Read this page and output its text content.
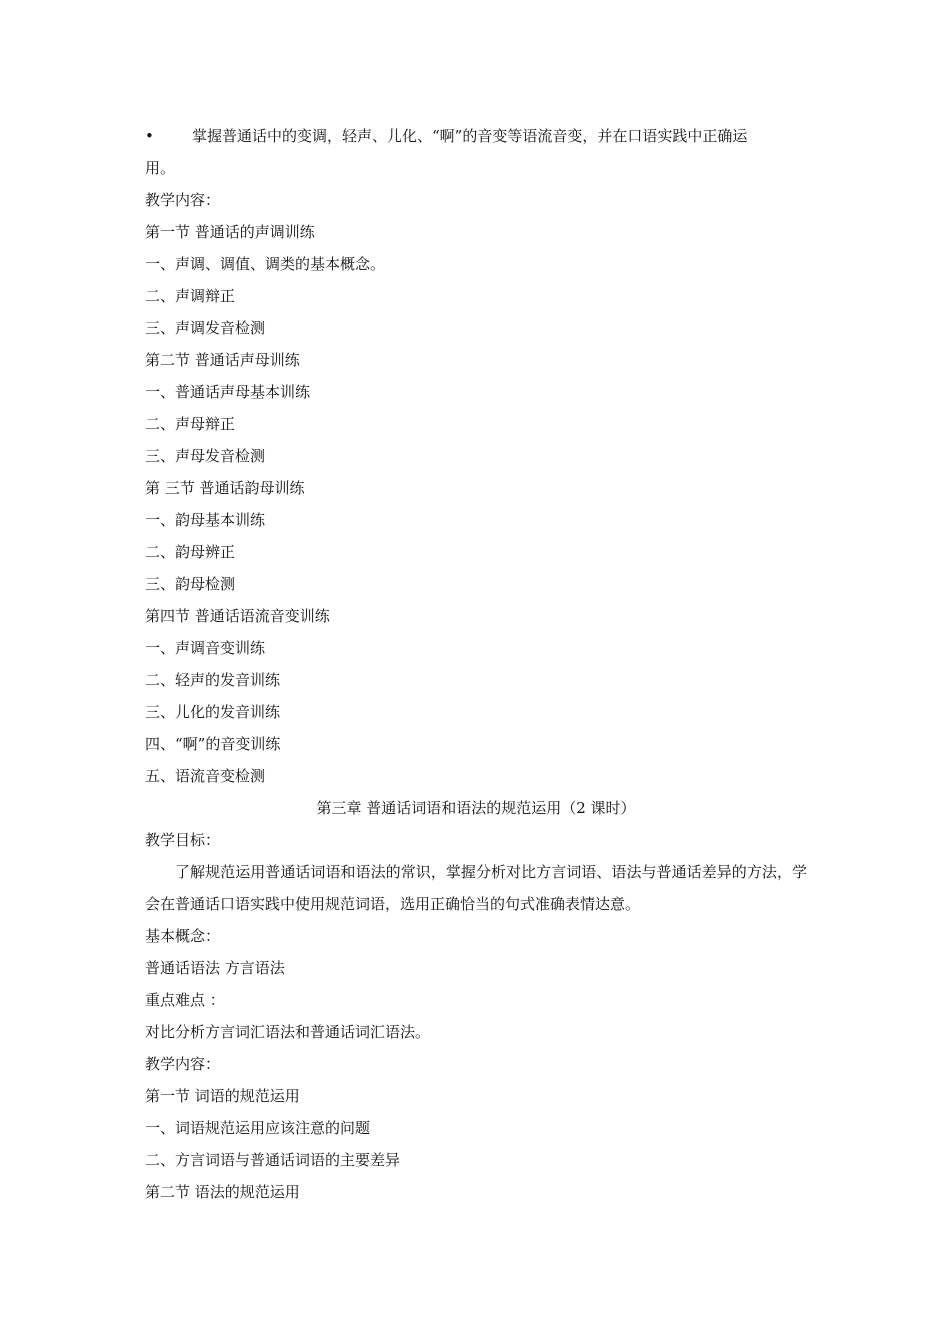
•	掌握普通话中的变调，轻声、儿化、“啊”的音变等语流音变，并在口语实践中正确运
用。
教学内容：
第一节 普通话的声调训练
一、声调、调值、调类的基本概念。
二、声调辩正
三、声调发音检测
第二节 普通话声母训练
一、普通话声母基本训练
二、声母辩正
三、声母发音检测
第 三节 普通话韵母训练
一、韵母基本训练
二、韵母辨正
三、韵母检测
第四节 普通话语流音变训练
一、声调音变训练
二、轻声的发音训练
三、儿化的发音训练
四、“啊”的音变训练
五、语流音变检测
第三章 普通话词语和语法的规范运用（2 课时）
教学目标：
了解规范运用普通话词语和语法的常识，掌握分析对比方言词语、语法与普通话差异的方法，学会在普通话口语实践中使用规范词语，选用正确恰当的句式准确表情达意。
基本概念：
普通话语法 方言语法
重点难点 ：
对比分析方言词汇语法和普通话词汇语法。
教学内容：
第一节 词语的规范运用
一、词语规范运用应该注意的问题
二、方言词语与普通话词语的主要差异
第二节 语法的规范运用
